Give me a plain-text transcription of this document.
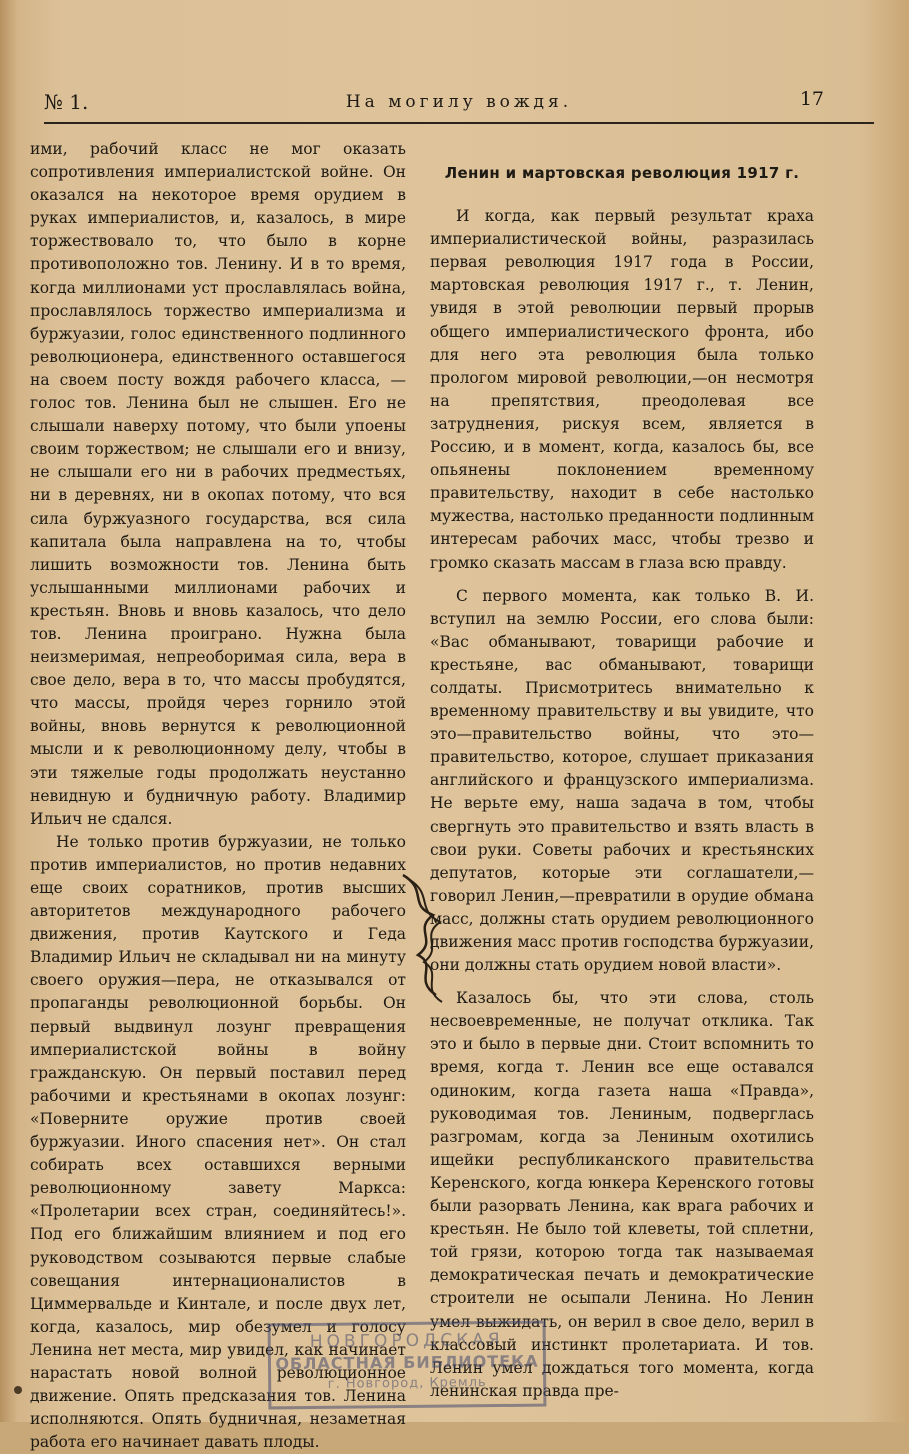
№ 1.	На могилу вождя.	17

ими, рабочий класс не мог оказать сопротивления империалистской войне. Он оказался на некоторое время орудием в руках империалистов, и, казалось, в мире торжествовало то, что было в корне противоположно тов. Ленину. И в то время, когда миллионами уст прославлялась война, прославлялось торжество империализма и буржуазии, голос единственного подлинного революционера, единственного оставшегося на своем посту вождя рабочего класса, — голос тов. Ленина был не слышен. Его не слышали наверху потому, что были упоены своим торжеством; не слышали его и внизу, не слышали его ни в рабочих предместьях, ни в деревнях, ни в окопах потому, что вся сила буржуазного государства, вся сила капитала была направлена на то, чтобы лишить возможности тов. Ленина быть услышанными миллионами рабочих и крестьян. Вновь и вновь казалось, что дело тов. Ленина проиграно. Нужна была неизмеримая, непреоборимая сила, вера в свое дело, вера в то, что массы пробудятся, что массы, пройдя через горнило этой войны, вновь вернутся к революционной мысли и к революционному делу, чтобы в эти тяжелые годы продолжать неустанно невидную и будничную работу. Владимир Ильич не сдался.

Не только против буржуазии, не только против империалистов, но против недавних еще своих соратников, против высших авторитетов международного рабочего движения, против Каутского и Геда Владимир Ильич не складывал ни на минуту своего оружия—пера, не отказывался от пропаганды революционной борьбы. Он первый выдвинул лозунг превращения империалистской войны в войну гражданскую. Он первый поставил перед рабочими и крестьянами в окопах лозунг: «Поверните оружие против своей буржуазии. Иного спасения нет». Он стал собирать всех оставшихся верными революционному завету Маркса: «Пролетарии всех стран, соединяйтесь!». Под его ближайшим влиянием и под его руководством созываются первые слабые совещания интернационалистов в Циммервальде и Кинтале, и после двух лет, когда, казалось, мир обезумел и голосу Ленина нет места, мир увидел, как начинает нарастать новой волной революционное движение. Опять предсказания тов. Ленина исполняются. Опять будничная, незаметная работа его начинает давать плоды.

Ленин и мартовская революция 1917 г.

И когда, как первый результат краха империалистической войны, разразилась первая революция 1917 года в России, мартовская революция 1917 г., т. Ленин, увидя в этой революции первый прорыв общего империалистического фронта, ибо для него эта революция была только прологом мировой революции,—он несмотря на препятствия, преодолевая все затруднения, рискуя всем, является в Россию, и в момент, когда, казалось бы, все опьянены поклонением временному правительству, находит в себе настолько мужества, настолько преданности подлинным интересам рабочих масс, чтобы трезво и громко сказать массам в глаза всю правду.

С первого момента, как только В. И. вступил на землю России, его слова были: «Вас обманывают, товарищи рабочие и крестьяне, вас обманывают, товарищи солдаты. Присмотритесь внимательно к временному правительству и вы увидите, что это—правительство войны, что это—правительство, которое, слушает приказания английского и французского империализма. Не верьте ему, наша задача в том, чтобы свергнуть это правительство и взять власть в свои руки. Советы рабочих и крестьянских депутатов, которые эти соглашатели,— говорил Ленин,—превратили в орудие обмана масс, должны стать орудием революционного движения масс против господства буржуазии, они должны стать орудием новой власти».

Казалось бы, что эти слова, столь несвоевременные, не получат отклика. Так это и было в первые дни. Стоит вспомнить то время, когда т. Ленин все еще оставался одиноким, когда газета наша «Правда», руководимая тов. Лениным, подверглась разгромам, когда за Лениным охотились ищейки республиканского правительства Керенского, когда юнкера Керенского готовы были разорвать Ленина, как врага рабочих и крестьян. Не было той клеветы, той сплетни, той грязи, которою тогда так называемая демократическая печать и демократические строители не осыпали Ленина. Но Ленин умел выжидать, он верил в свое дело, верил в классовый инстинкт пролетариата. И тов. Ленин умел дождаться того момента, когда ленинская правда пре-

НОВГОРОДСКАЯ
ОБЛАСТНАЯ БИБЛИОТЕКА
г. Новгород, Кремль
